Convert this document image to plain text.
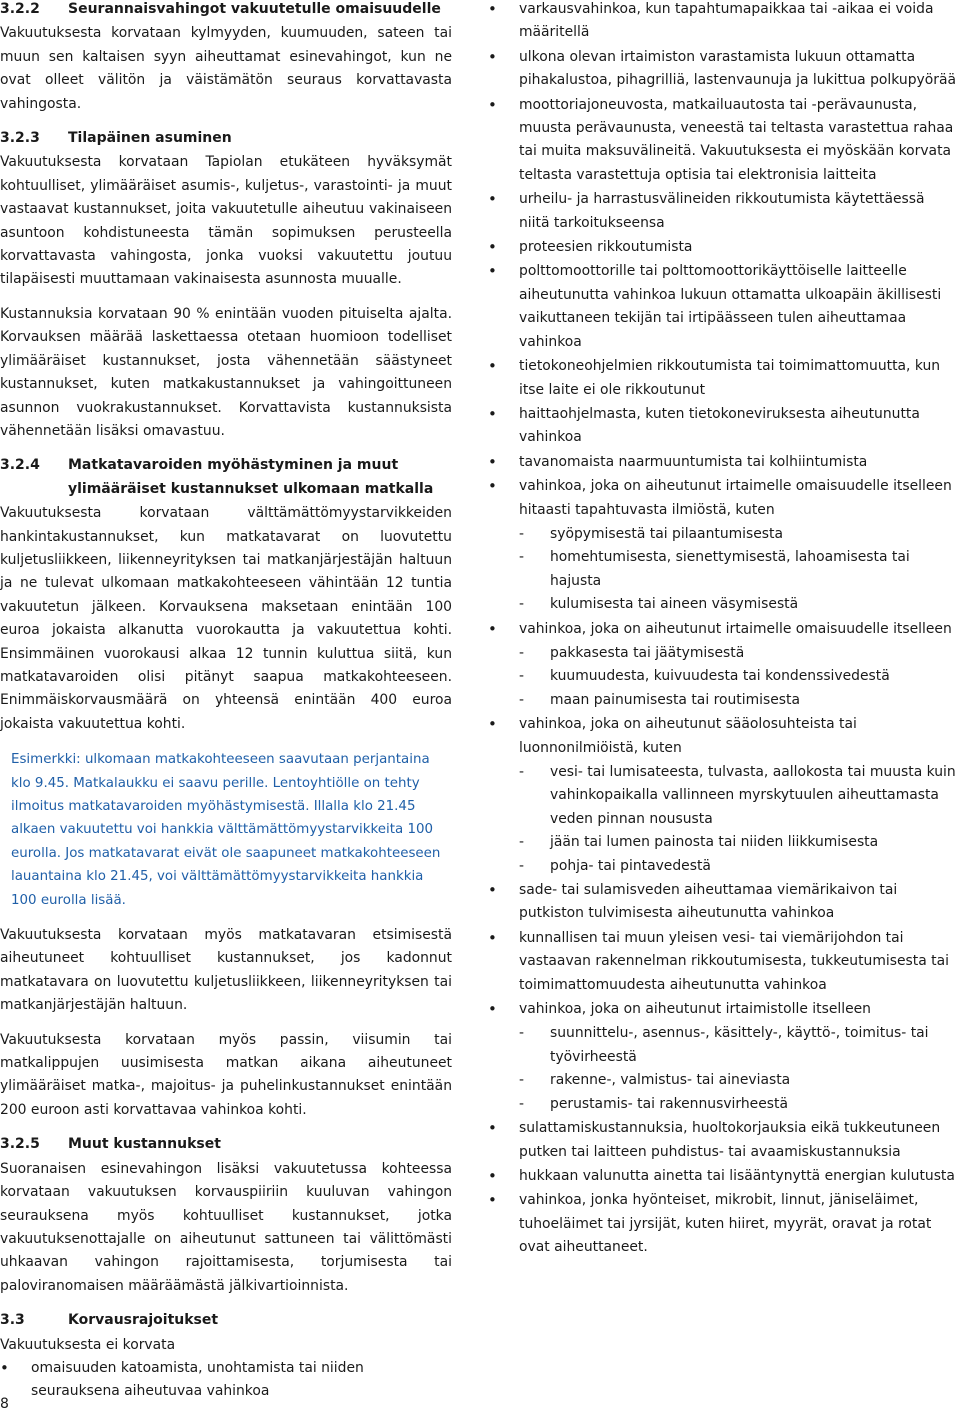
3.2.2	Seurannaisvahingot vakuutetulle omaisuudelle

Vakuutuksesta korvataan kylmyyden, kuumuuden, sateen tai muun sen kaltaisen syyn aiheuttamat esinevahingot, kun ne ovat olleet välitön ja väistämätön seuraus korvattavasta vahingosta.

3.2.3	Tilapäinen asuminen

Vakuutuksesta korvataan Tapiolan etukäteen hyväksymät kohtuulliset, ylimääräiset asumis-, kuljetus-, varastointi- ja muut vastaavat kustannukset, joita vakuutetulle aiheutuu vakinaiseen asuntoon kohdistuneesta tämän sopimuksen perusteella korvattavasta vahingosta, jonka vuoksi vakuutettu joutuu tilapäisesti muuttamaan vakinaisesta asunnosta muualle.

Kustannuksia korvataan 90 % enintään vuoden pituiselta ajalta. Korvauksen määrää laskettaessa otetaan huomioon todelliset ylimääräiset kustannukset, josta vähennetään säästyneet kustannukset, kuten matkakustannukset ja vahingoittuneen asunnon vuokrakustannukset. Korvattavista kustannuksista vähennetään lisäksi omavastuu.

3.2.4	Matkatavaroiden myöhästyminen ja muut ylimääräiset kustannukset ulkomaan matkalla

Vakuutuksesta korvataan välttämättömyystarvikkeiden hankintakustannukset, kun matkatavarat on luovutettu kuljetusliikkeen, liikenneyrityksen tai matkanjärjestäjän haltuun ja ne tulevat ulkomaan matkakohteeseen vähintään 12 tuntia vakuutetun jälkeen. Korvauksena maksetaan enintään 100 euroa jokaista alkanutta vuorokautta ja vakuutettua kohti. Ensimmäinen vuorokausi alkaa 12 tunnin kuluttua siitä, kun matkatavaroiden olisi pitänyt saapua matkakohteeseen. Enimmäiskorvausmäärä on yhteensä enintään 400 euroa jokaista vakuutettua kohti.

Esimerkki: ulkomaan matkakohteeseen saavutaan perjantaina klo 9.45. Matkalaukku ei saavu perille. Lentoyhtiölle on tehty ilmoitus matkatavaroiden myöhästymisestä. Illalla klo 21.45 alkaen vakuutettu voi hankkia välttämättömyystarvikkeita 100 eurolla. Jos matkatavarat eivät ole saapuneet matkakohteeseen lauantaina klo 21.45, voi välttämättömyystarvikkeita hankkia 100 eurolla lisää.

Vakuutuksesta korvataan myös matkatavaran etsimisestä aiheutuneet kohtuulliset kustannukset, jos kadonnut matkatavara on luovutettu kuljetusliikkeen, liikenneyrityksen tai matkanjärjestäjän haltuun.

Vakuutuksesta korvataan myös passin, viisumin tai matkalippujen uusimisesta matkan aikana aiheutuneet ylimääräiset matka-, majoitus- ja puhelinkustannukset enintään 200 euroon asti korvattavaa vahinkoa kohti.

3.2.5	Muut kustannukset

Suoranaisen esinevahingon lisäksi vakuutetussa kohteessa korvataan vakuutuksen korvauspiiriin kuuluvan vahingon seurauksena myös kohtuulliset kustannukset, jotka vakuutuksenottajalle on aiheutunut sattuneen tai välittömästi uhkaavan vahingon rajoittamisesta, torjumisesta tai paloviranomaisen määräämästä jälkivartioinnista.

3.3	Korvausrajoitukset
Vakuutuksesta ei korvata
• omaisuuden katoamista, unohtamista tai niiden seurauksena aiheutuvaa vahinkoa
• varkausvahinkoa, kun tapahtumapaikkaa tai -aikaa ei voida määritellä
• ulkona olevan irtaimiston varastamista lukuun ottamatta pihakalustoa, pihagrilliä, lastenvaunuja ja lukittua polkupyörää
• moottoriajoneuvosta, matkailuautosta tai -perävaunusta, muusta perävaunusta, veneestä tai teltasta varastettua rahaa tai muita maksuvälineitä. Vakuutuksesta ei myöskään korvata teltasta varastettuja optisia tai elektronisia laitteita
• urheilu- ja harrastusvälineiden rikkoutumista käytettäessä niitä tarkoitukseensa
• proteesien rikkoutumista
• polttomoottorille tai polttomoottorikäyttöiselle laitteelle aiheutunutta vahinkoa lukuun ottamatta ulkoapäin äkillisesti vaikuttaneen tekijän tai irtipäässeen tulen aiheuttamaa vahinkoa
• tietokoneohjelmien rikkoutumista tai toimimattomuutta, kun itse laite ei ole rikkoutunut
• haittaohjelmasta, kuten tietokoneviruksesta aiheutunutta vahinkoa
• tavanomaista naarmuuntumista tai kolhiintumista
• vahinkoa, joka on aiheutunut irtaimelle omaisuudelle itselleen hitaasti tapahtuvasta ilmiöstä, kuten
- syöpymisestä tai pilaantumisesta
- homehtumisesta, sienettymisestä, lahoamisesta tai hajusta
- kulumisesta tai aineen väsymisestä
• vahinkoa, joka on aiheutunut irtaimelle omaisuudelle itselleen
- pakkasesta tai jäätymisestä
- kuumuudesta, kuivuudesta tai kondenssivedestä
- maan painumisesta tai routimisesta
• vahinkoa, joka on aiheutunut sääolosuhteista tai luonnonilmiöistä, kuten
- vesi- tai lumisateesta, tulvasta, aallokosta tai muusta kuin vahinkopaikalla vallinneen myrskytuulen aiheuttamasta veden pinnan noususta
- jään tai lumen painosta tai niiden liikkumisesta
- pohja- tai pintavedestä
• sade- tai sulamisveden aiheuttamaa viemärikaivon tai putkiston tulvimisesta aiheutunutta vahinkoa
• kunnallisen tai muun yleisen vesi- tai viemärijohdon tai vastaavan rakennelman rikkoutumisesta, tukkeutumisesta tai toimimattomuudesta aiheutunutta vahinkoa
• vahinkoa, joka on aiheutunut irtaimistolle itselleen
- suunnittelu-, asennus-, käsittely-, käyttö-, toimitus- tai työvirheestä
- rakenne-, valmistus- tai aineviasta
- perustamis- tai rakennusvirheestä
• sulattamiskustannuksia, huoltokorjauksia eikä tukkeutuneen putken tai laitteen puhdistus- tai avaamiskustannuksia
• hukkaan valunutta ainetta tai lisääntynyttä energian kulutusta
• vahinkoa, jonka hyönteiset, mikrobit, linnut, jäniseläimet, tuhoeläimet tai jyrsijät, kuten hiiret, myyrät, oravat ja rotat ovat aiheuttaneet.
8
